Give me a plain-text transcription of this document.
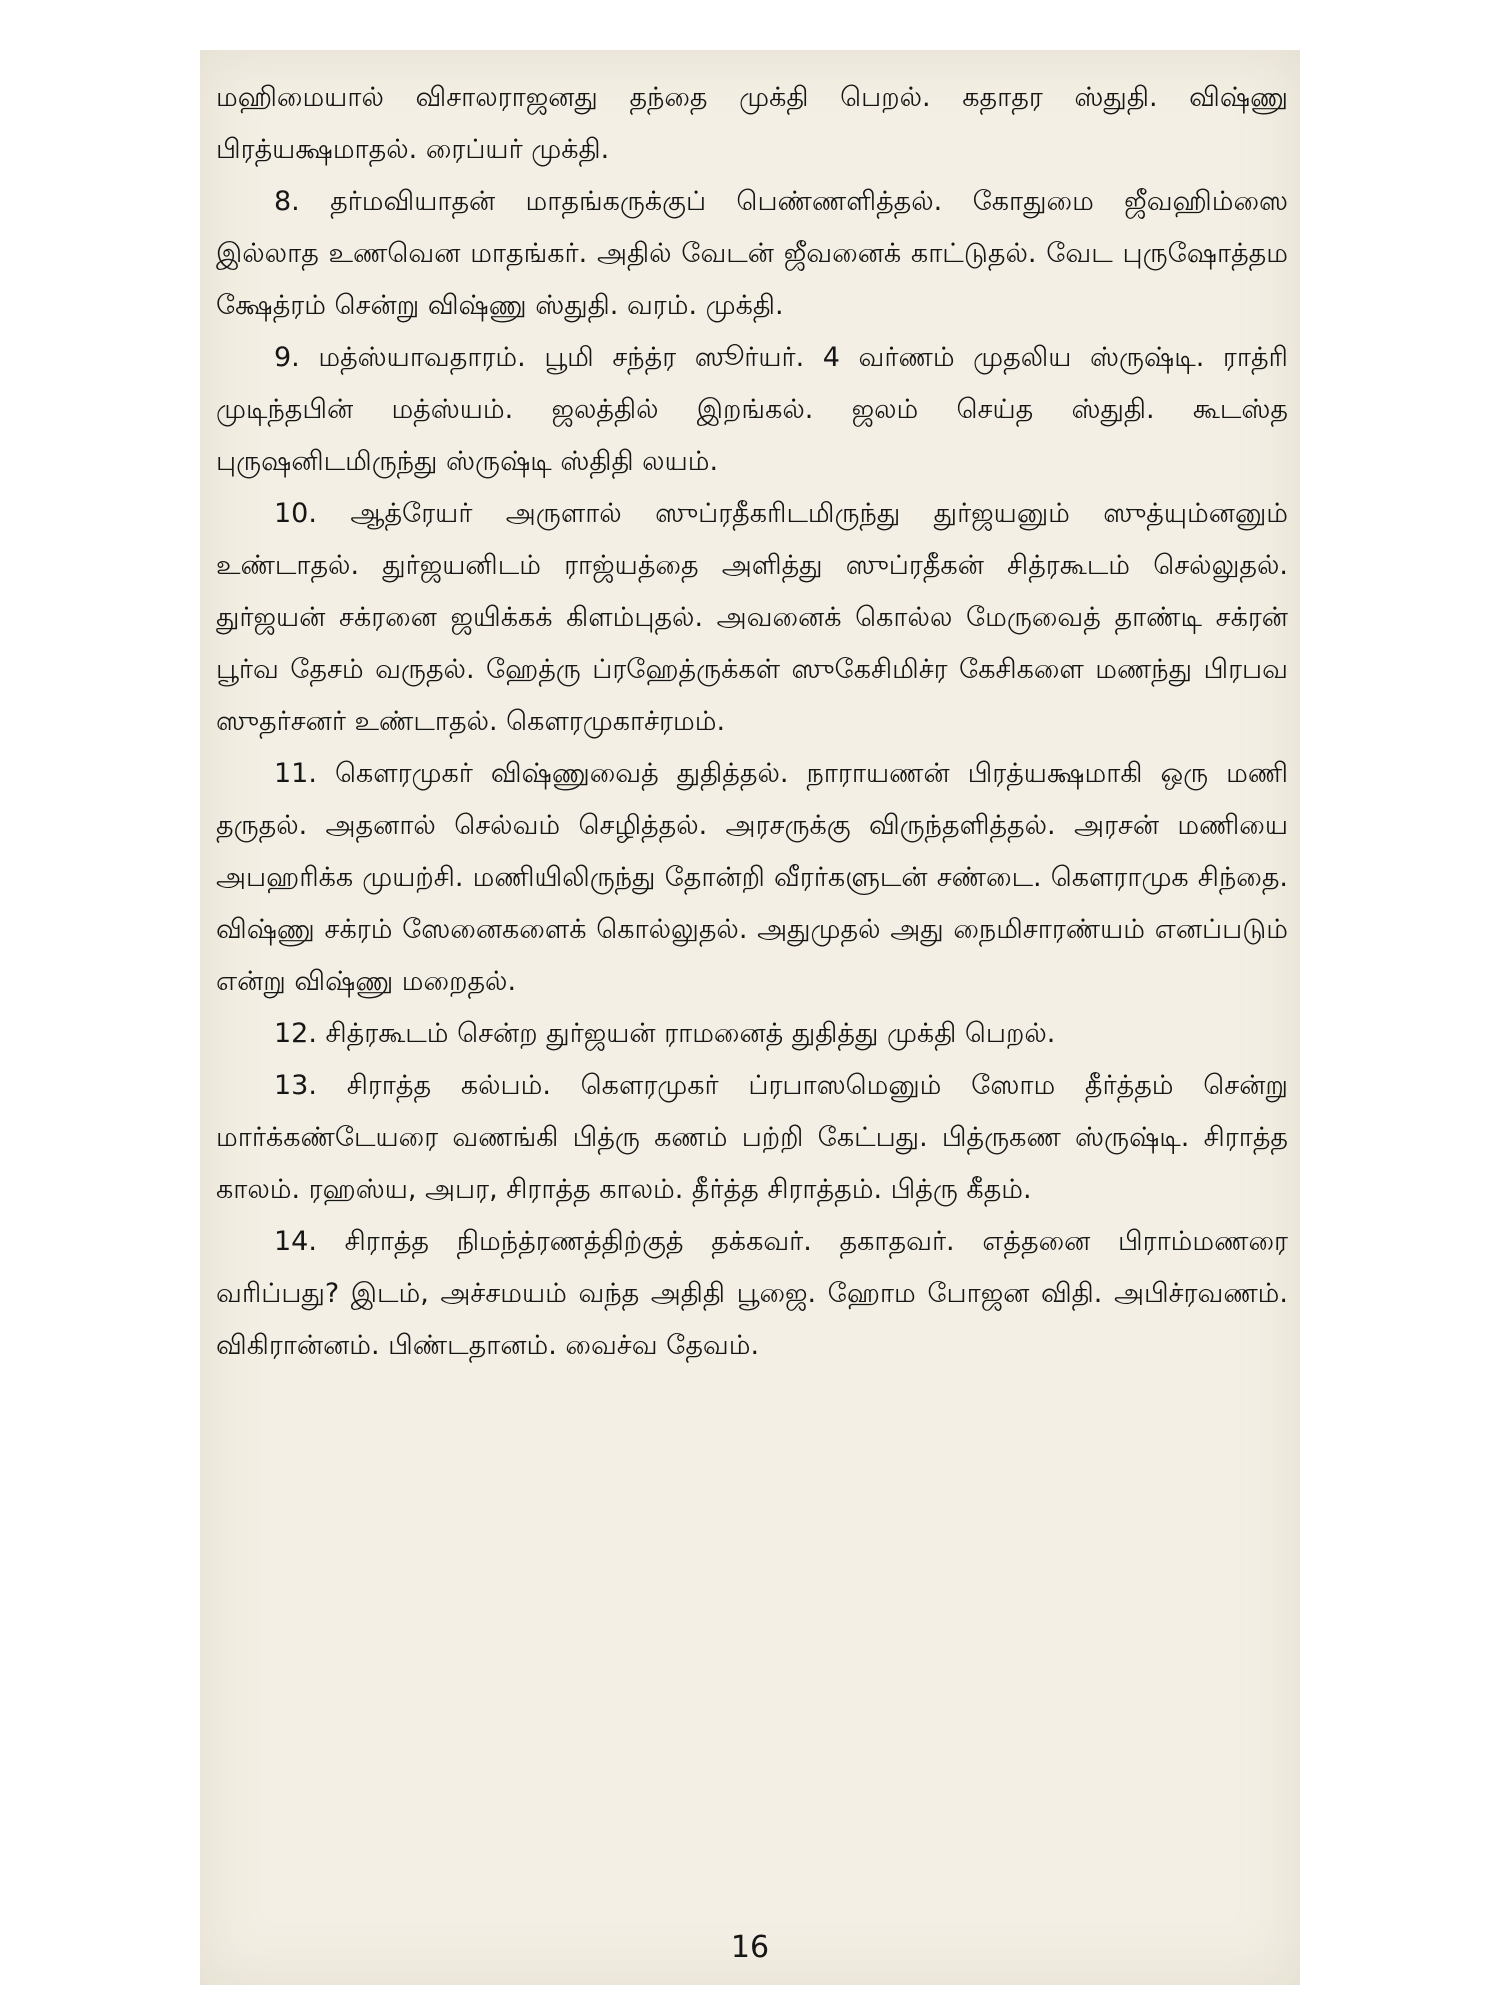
மஹிமையால் விசாலராஜனது தந்தை முக்தி பெறல். கதாதர ஸ்துதி. விஷ்ணு பிரத்யக்ஷமாதல். ரைப்யர் முக்தி.

8. தர்மவியாதன் மாதங்கருக்குப் பெண்ணளித்தல். கோதுமை ஜீவஹிம்ஸை இல்லாத உணவென மாதங்கர். அதில் வேடன் ஜீவனைக் காட்டுதல். வேட புருஷோத்தம க்ஷேத்ரம் சென்று விஷ்ணு ஸ்துதி. வரம். முக்தி.

9. மத்ஸ்யாவதாரம். பூமி சந்த்ர ஸூர்யர். 4 வர்ணம் முதலிய ஸ்ருஷ்டி. ராத்ரி முடிந்தபின் மத்ஸ்யம். ஜலத்தில் இறங்கல். ஜலம் செய்த ஸ்துதி. கூடஸ்த புருஷனிடமிருந்து ஸ்ருஷ்டி ஸ்திதி லயம்.

10. ஆத்ரேயர் அருளால் ஸுப்ரதீகரிடமிருந்து துர்ஜயனும் ஸுத்யும்னனும் உண்டாதல். துர்ஜயனிடம் ராஜ்யத்தை அளித்து ஸுப்ரதீகன் சித்ரகூடம் செல்லுதல். துர்ஜயன் சக்ரனை ஜயிக்கக் கிளம்புதல். அவனைக் கொல்ல மேருவைத் தாண்டி சக்ரன் பூர்வ தேசம் வருதல். ஹேத்ரு ப்ரஹேத்ருக்கள் ஸுகேசிமிச்ர கேசிகளை மணந்து பிரபவ ஸுதர்சனர் உண்டாதல். கௌரமுகாச்ரமம்.

11. கௌரமுகர் விஷ்ணுவைத் துதித்தல். நாராயணன் பிரத்யக்ஷமாகி ஒரு மணி தருதல். அதனால் செல்வம் செழித்தல். அரசருக்கு விருந்தளித்தல். அரசன் மணியை அபஹரிக்க முயற்சி. மணியிலிருந்து தோன்றி வீரர்களுடன் சண்டை. கௌராமுக சிந்தை. விஷ்ணு சக்ரம் ஸேனைகளைக் கொல்லுதல். அதுமுதல் அது நைமிசாரண்யம் எனப்படும் என்று விஷ்ணு மறைதல்.

12. சித்ரகூடம் சென்ற துர்ஜயன் ராமனைத் துதித்து முக்தி பெறல்.

13. சிராத்த கல்பம். கௌரமுகர் ப்ரபாஸமெனும் ஸோம தீர்த்தம் சென்று மார்க்கண்டேயரை வணங்கி பித்ரு கணம் பற்றி கேட்பது. பித்ருகண ஸ்ருஷ்டி. சிராத்த காலம். ரஹஸ்ய, அபர, சிராத்த காலம். தீர்த்த சிராத்தம். பித்ரு கீதம்.

14. சிராத்த நிமந்த்ரணத்திற்குத் தக்கவர். தகாதவர். எத்தனை பிராம்மணரை வரிப்பது? இடம், அச்சமயம் வந்த அதிதி பூஜை. ஹோம போஜன விதி. அபிச்ரவணம். விகிரான்னம். பிண்டதானம். வைச்வ தேவம்.

16
